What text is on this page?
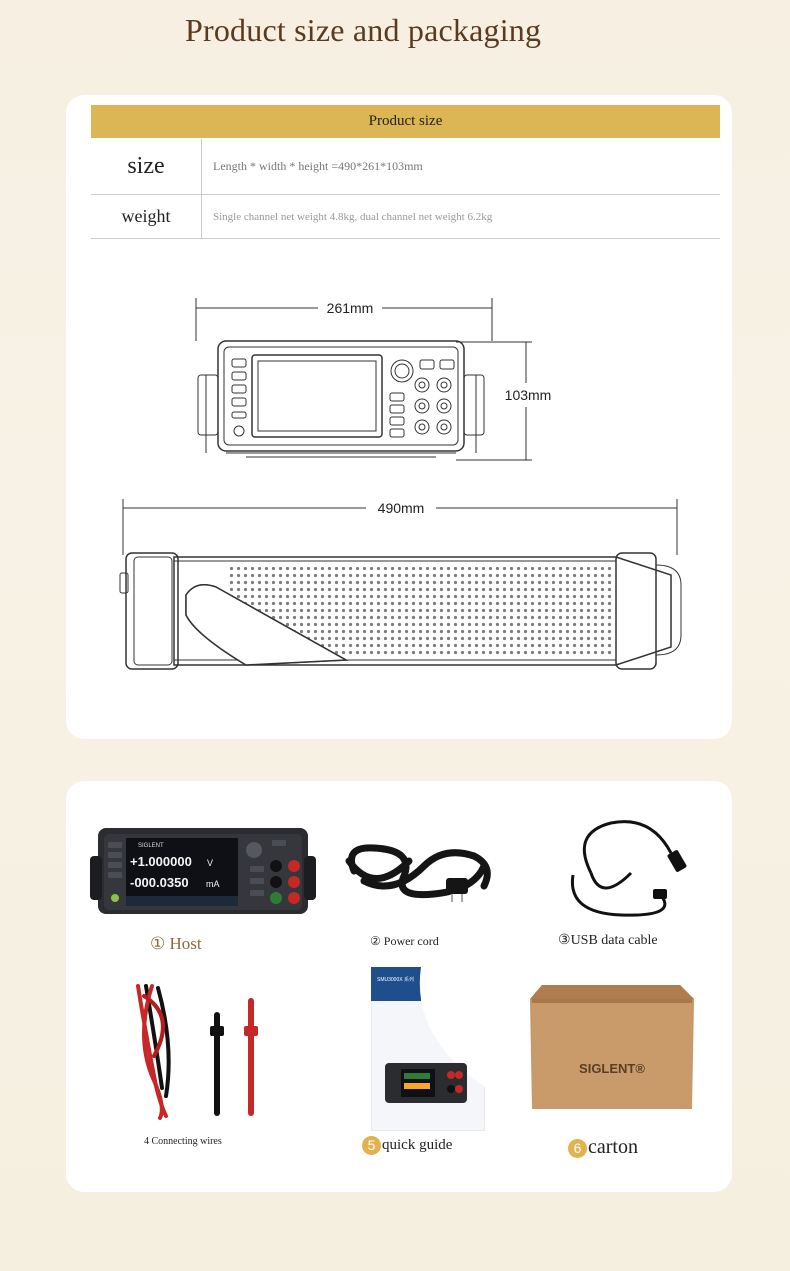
Product size and packaging
Product size
size	Length * width * height =490*261*103mm
weight	Single channel net weight 4.8kg, dual channel net weight 6.2kg
261mm
103mm
490mm
SIGLENT
+1.000000 V
-000.0350 mA
① Host	② Power cord	③USB data cable
4 Connecting wires
SMU3000X 系列
5 quick guide
SIGLENT®
6 carton
